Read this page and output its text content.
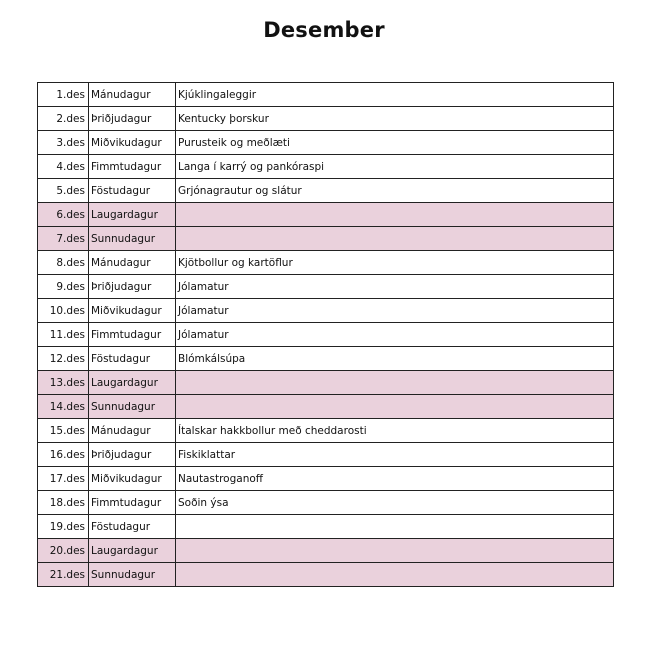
Desember
1.des	Mánudagur	Kjúklingaleggir
2.des	Þriðjudagur	Kentucky þorskur
3.des	Miðvikudagur	Purusteik og meðlæti
4.des	Fimmtudagur	Langa í karrý og pankóraspi
5.des	Föstudagur	Grjónagrautur og slátur
6.des	Laugardagur	
7.des	Sunnudagur	
8.des	Mánudagur	Kjötbollur og kartöflur
9.des	Þriðjudagur	Jólamatur
10.des	Miðvikudagur	Jólamatur
11.des	Fimmtudagur	Jólamatur
12.des	Föstudagur	Blómkálsúpa
13.des	Laugardagur	
14.des	Sunnudagur	
15.des	Mánudagur	Ítalskar hakkbollur með cheddarosti
16.des	Þriðjudagur	Fiskiklattar
17.des	Miðvikudagur	Nautastroganoff
18.des	Fimmtudagur	Soðin ýsa
19.des	Föstudagur	
20.des	Laugardagur	
21.des	Sunnudagur	
